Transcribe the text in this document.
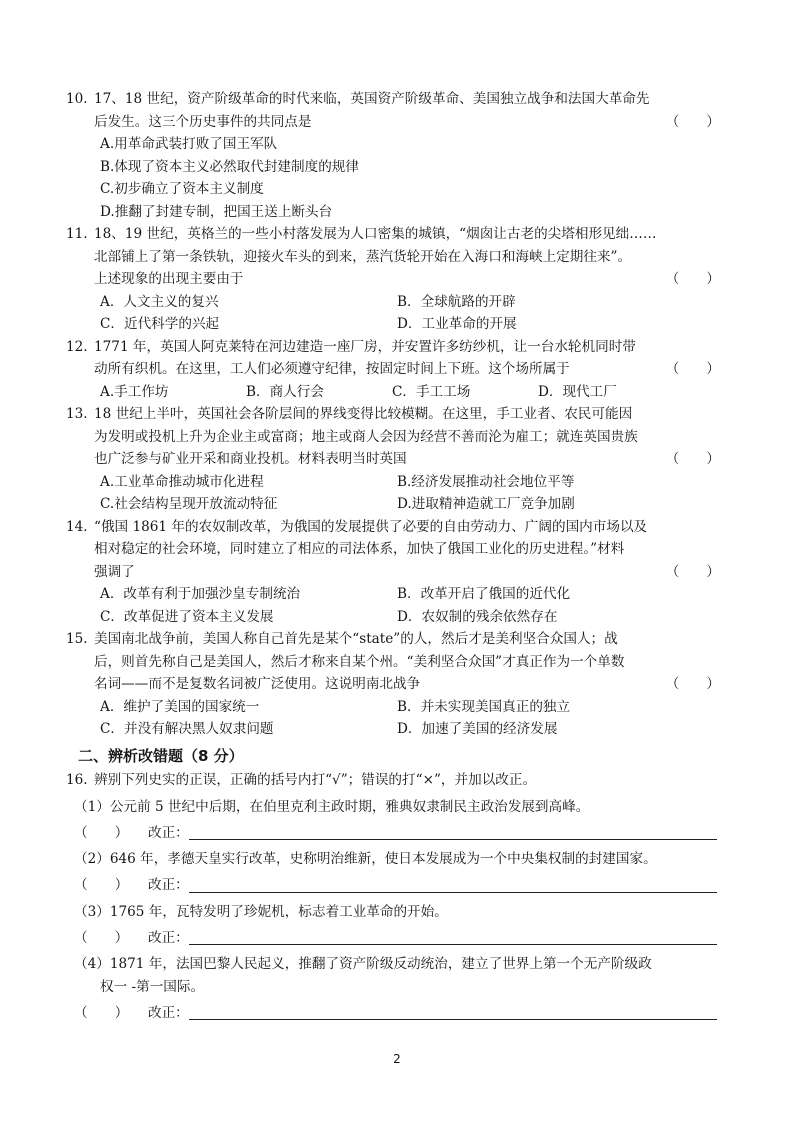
10. 17、18 世纪，资产阶级革命的时代来临，英国资产阶级革命、美国独立战争和法国大革命先
后发生。这三个历史事件的共同点是	（　　）
A.用革命武装打败了国王军队
B.体现了资本主义必然取代封建制度的规律
C.初步确立了资本主义制度
D.推翻了封建专制，把国王送上断头台
11. 18、19 世纪，英格兰的一些小村落发展为人口密集的城镇，“烟囱让古老的尖塔相形见绌……
北部铺上了第一条铁轨，迎接火车头的到来，蒸汽货轮开始在入海口和海峡上定期往来”。
上述现象的出现主要由于	（　　）
A．人文主义的复兴	B．全球航路的开辟
C．近代科学的兴起	D．工业革命的开展
12. 1771 年，英国人阿克莱特在河边建造一座厂房，并安置许多纺纱机，让一台水轮机同时带
动所有织机。在这里，工人们必须遵守纪律，按固定时间上下班。这个场所属于	（　　）
A.手工作坊	B．商人行会	C．手工工场	D．现代工厂
13. 18 世纪上半叶，英国社会各阶层间的界线变得比较模糊。在这里，手工业者、农民可能因
为发明或投机上升为企业主或富商；地主或商人会因为经营不善而沦为雇工；就连英国贵族
也广泛参与矿业开采和商业投机。材料表明当时英国	（　　）
A.工业革命推动城市化进程	B.经济发展推动社会地位平等
C.社会结构呈现开放流动特征	D.进取精神造就工厂竞争加剧
14. “俄国 1861 年的农奴制改革，为俄国的发展提供了必要的自由劳动力、广阔的国内市场以及
相对稳定的社会环境，同时建立了相应的司法体系，加快了俄国工业化的历史进程。”材料
强调了	（　　）
A．改革有利于加强沙皇专制统治	B．改革开启了俄国的近代化
C．改革促进了资本主义发展	D．农奴制的残余依然存在
15. 美国南北战争前，美国人称自己首先是某个“state”的人，然后才是美利坚合众国人；战
后，则首先称自己是美国人，然后才称来自某个州。“美利坚合众国”才真正作为一个单数
名词——而不是复数名词被广泛使用。这说明南北战争	（　　）
A．维护了美国的国家统一	B．并未实现美国真正的独立
C．并没有解决黑人奴隶问题	D．加速了美国的经济发展
二、辨析改错题（8 分）
16. 辨别下列史实的正误，正确的括号内打“√”；错误的打“×”，并加以改正。
（1）公元前 5 世纪中后期，在伯里克利主政时期，雅典奴隶制民主政治发展到高峰。
（　　）	改正：
（2）646 年，孝德天皇实行改革，史称明治维新，使日本发展成为一个中央集权制的封建国家。
（　　）	改正：
（3）1765 年，瓦特发明了珍妮机，标志着工业革命的开始。
（　　）	改正：
（4）1871 年，法国巴黎人民起义，推翻了资产阶级反动统治，建立了世界上第一个无产阶级政
权一 -第一国际。
（　　）	改正：
2
